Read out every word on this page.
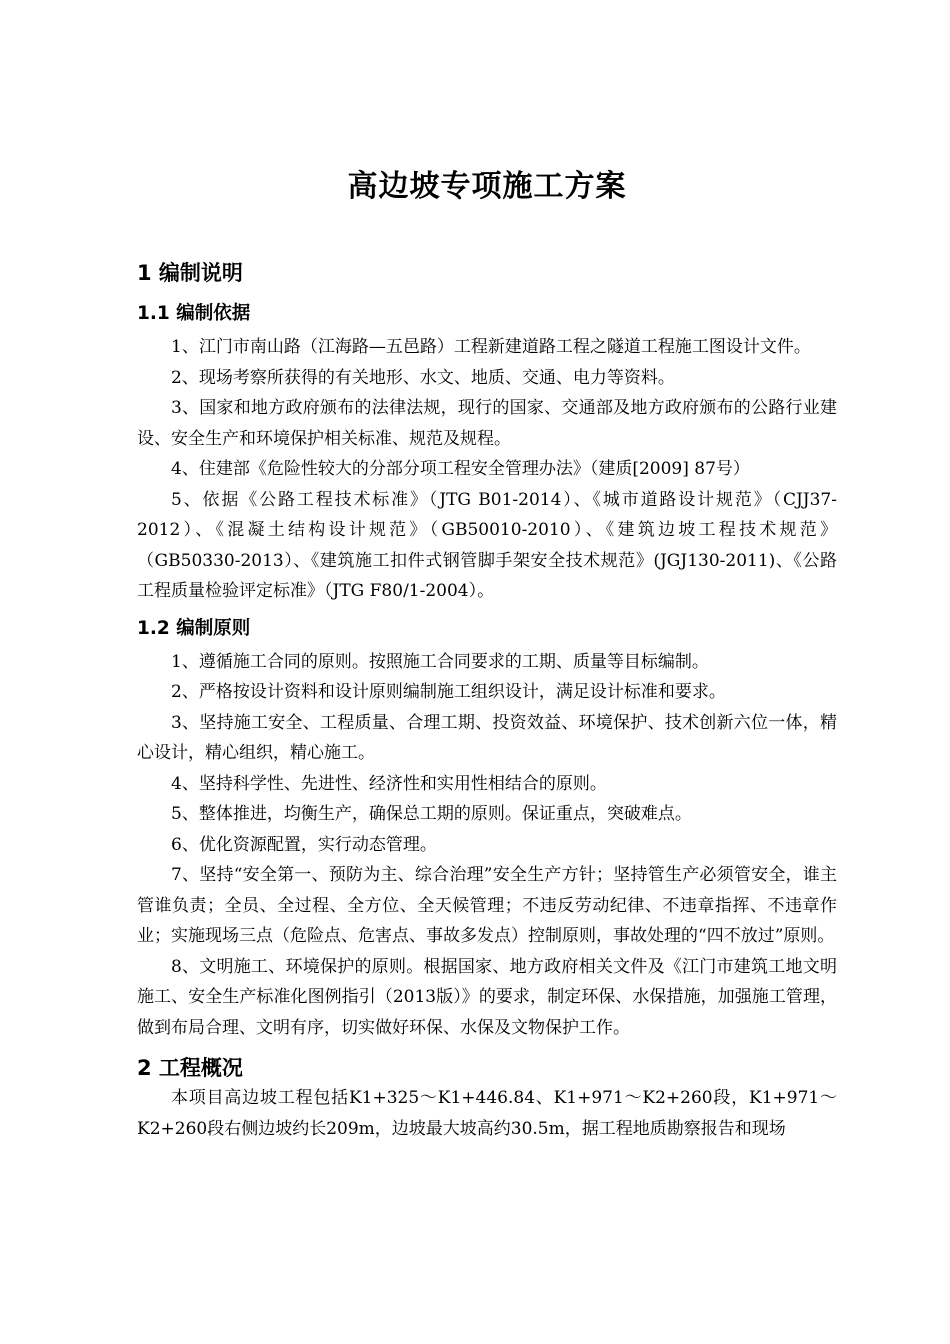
高边坡专项施工方案
1 编制说明
1.1 编制依据

1、江门市南山路（江海路—五邑路）工程新建道路工程之隧道工程施工图设计文件。

2、现场考察所获得的有关地形、水文、地质、交通、电力等资料。

3、国家和地方政府颁布的法律法规，现行的国家、交通部及地方政府颁布的公路行业建设、安全生产和环境保护相关标准、规范及规程。

4、住建部《危险性较大的分部分项工程安全管理办法》（建质[2009] 87号）

5、依据《公路工程技术标准》（JTG B01-2014）、《城市道路设计规范》（CJJ37-2012）、《混凝土结构设计规范》（GB50010-2010）、《建筑边坡工程技术规范》（GB50330-2013）、《建筑施工扣件式钢管脚手架安全技术规范》(JGJ130-2011)、《公路工程质量检验评定标准》（JTG F80/1-2004）。

1.2 编制原则

1、遵循施工合同的原则。按照施工合同要求的工期、质量等目标编制。

2、严格按设计资料和设计原则编制施工组织设计，满足设计标准和要求。

3、坚持施工安全、工程质量、合理工期、投资效益、环境保护、技术创新六位一体，精心设计，精心组织，精心施工。

4、坚持科学性、先进性、经济性和实用性相结合的原则。

5、整体推进，均衡生产，确保总工期的原则。保证重点，突破难点。

6、优化资源配置，实行动态管理。

7、坚持“安全第一、预防为主、综合治理”安全生产方针；坚持管生产必须管安全，谁主管谁负责；全员、全过程、全方位、全天候管理；不违反劳动纪律、不违章指挥、不违章作业；实施现场三点（危险点、危害点、事故多发点）控制原则，事故处理的“四不放过”原则。

8、文明施工、环境保护的原则。根据国家、地方政府相关文件及《江门市建筑工地文明施工、安全生产标准化图例指引（2013版）》的要求，制定环保、水保措施，加强施工管理，做到布局合理、文明有序，切实做好环保、水保及文物保护工作。

2 工程概况

本项目高边坡工程包括K1+325～K1+446.84、K1+971～K2+260段，K1+971～K2+260段右侧边坡约长209m，边坡最大坡高约30.5m，据工程地质勘察报告和现场
